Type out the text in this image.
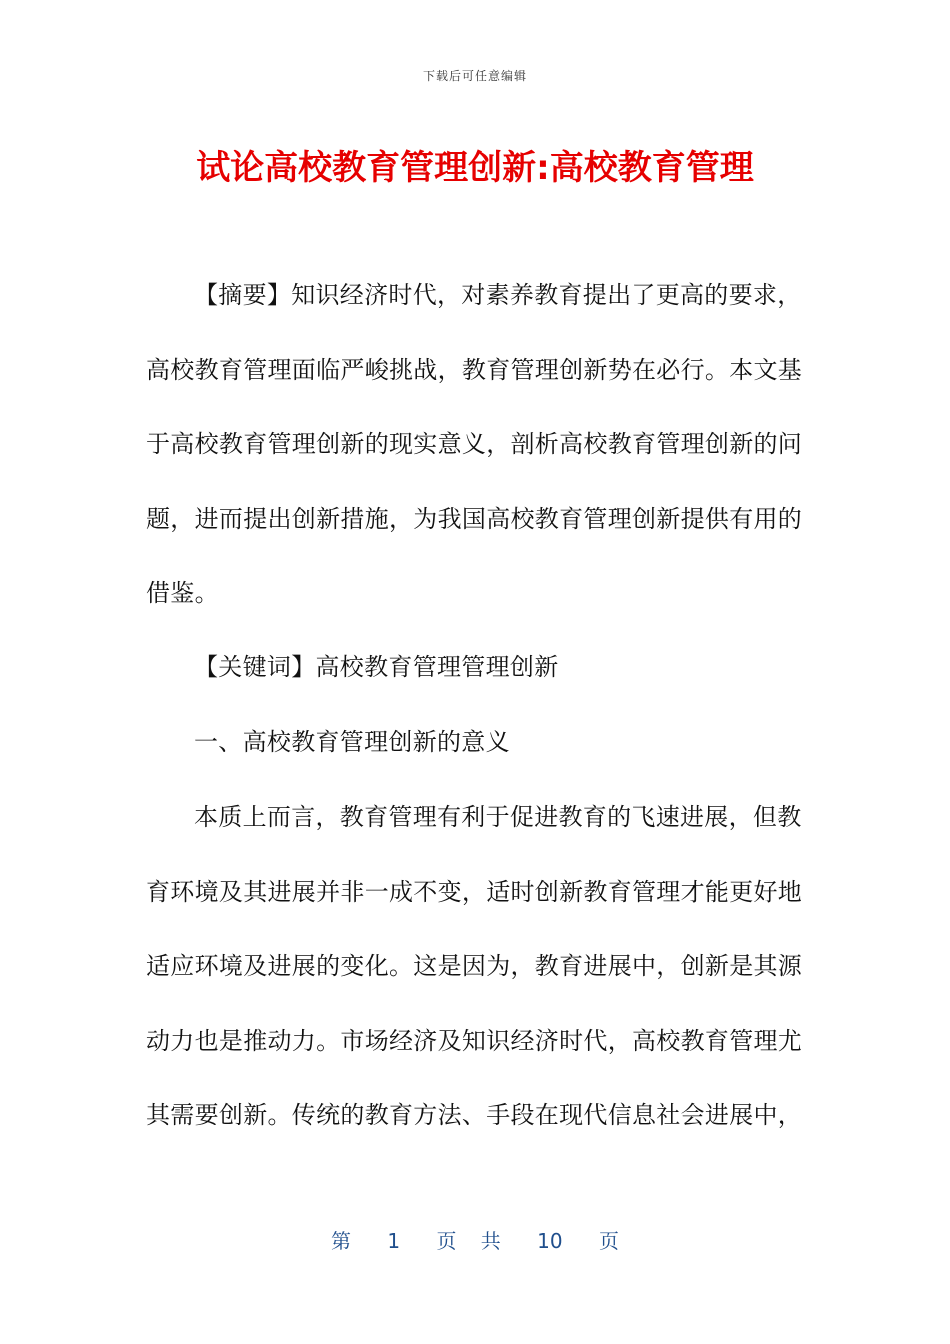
下载后可任意编辑
试论高校教育管理创新:高校教育管理
【摘要】知识经济时代，对素养教育提出了更高的要求，
高校教育管理面临严峻挑战，教育管理创新势在必行。本文基
于高校教育管理创新的现实意义，剖析高校教育管理创新的问
题，进而提出创新措施，为我国高校教育管理创新提供有用的
借鉴。
【关键词】高校教育管理管理创新
一、高校教育管理创新的意义
本质上而言，教育管理有利于促进教育的飞速进展，但教
育环境及其进展并非一成不变，适时创新教育管理才能更好地
适应环境及进展的变化。这是因为，教育进展中，创新是其源
动力也是推动力。市场经济及知识经济时代，高校教育管理尤
其需要创新。传统的教育方法、手段在现代信息社会进展中，
第 1 页 共 10 页
